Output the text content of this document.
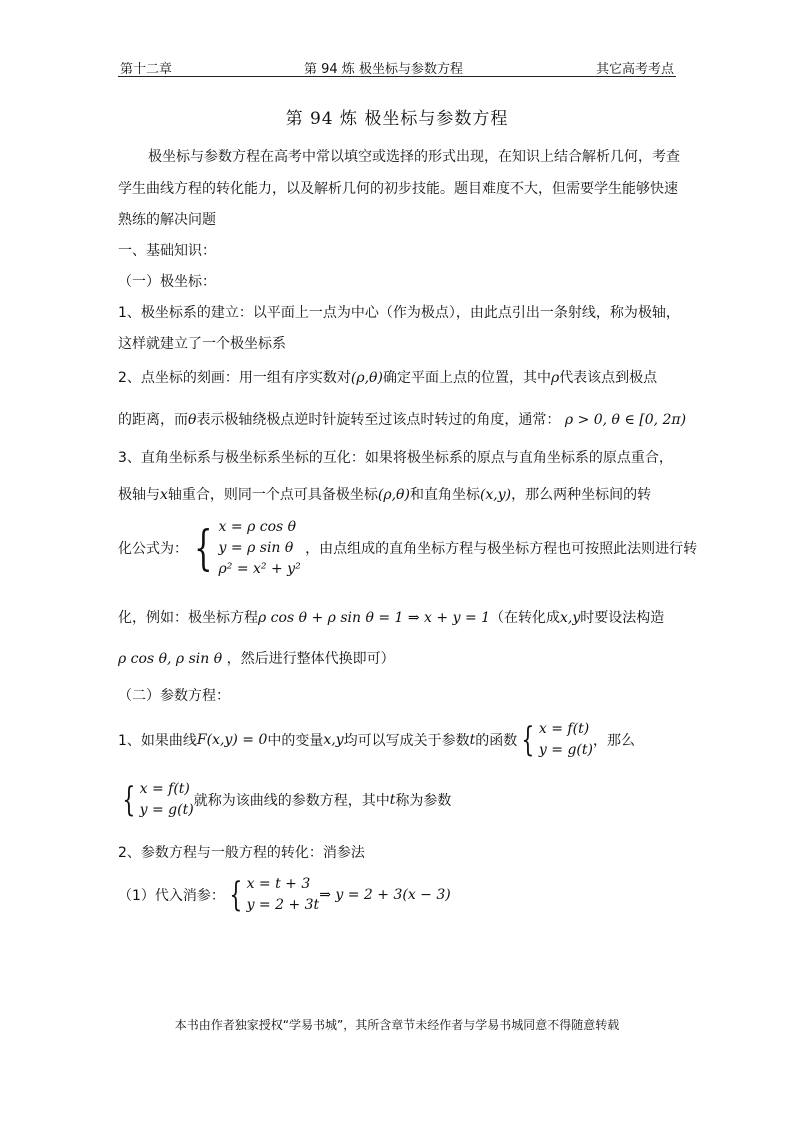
第十二章	第 94 炼 极坐标与参数方程	其它高考考点
第 94 炼 极坐标与参数方程
极坐标与参数方程在高考中常以填空或选择的形式出现，在知识上结合解析几何，考查
学生曲线方程的转化能力，以及解析几何的初步技能。题目难度不大，但需要学生能够快速
熟练的解决问题
一、基础知识：
（一）极坐标：
1、极坐标系的建立：以平面上一点为中心（作为极点），由此点引出一条射线，称为极轴，
这样就建立了一个极坐标系
2、点坐标的刻画：用一组有序实数对(ρ,θ)确定平面上点的位置，其中ρ代表该点到极点
的距离，而θ表示极轴绕极点逆时针旋转至过该点时转过的角度，通常： ρ > 0, θ ∈ [0, 2π)
3、直角坐标系与极坐标系坐标的互化：如果将极坐标系的原点与直角坐标系的原点重合，
极轴与x轴重合，则同一个点可具备极坐标(ρ,θ)和直角坐标(x,y)，那么两种坐标间的转
化公式为： { x = ρ cos θ
y = ρ sin θ
ρ² = x² + y²
，由点组成的直角坐标方程与极坐标方程也可按照此法则进行转
化，例如：极坐标方程ρ cos θ + ρ sin θ = 1 ⇒ x + y = 1（在转化成x,y时要设法构造
ρ cos θ, ρ sin θ ，然后进行整体代换即可）
（二）参数方程：
1、如果曲线F(x,y) = 0中的变量x,y均可以写成关于参数t的函数 { x = f(t)
y = g(t)
，那么
{ x = f(t)
y = g(t)
就称为该曲线的参数方程，其中t称为参数
2、参数方程与一般方程的转化：消参法
（1）代入消参： { x = t + 3
y = 2 + 3t
⇒ y = 2 + 3(x − 3)
本书由作者独家授权“学易书城”，其所含章节未经作者与学易书城同意不得随意转载
